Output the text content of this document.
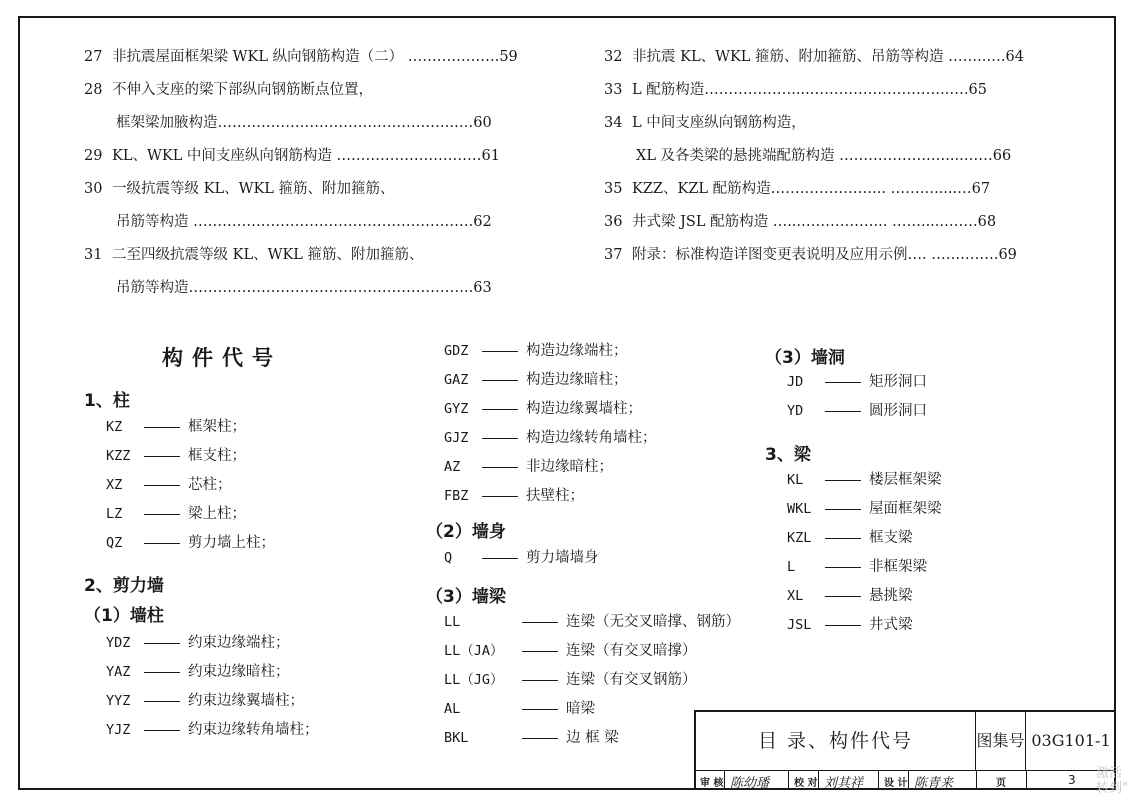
27 非抗震屋面框架梁 WKL 纵向钢筋构造（二） ……………….59
28 不伸入支座的梁下部纵向钢筋断点位置，
框架梁加腋构造…………………………………………..…60
29 KL、WKL 中间支座纵向钢筋构造 …………………………61
30 一级抗震等级 KL、WKL 箍筋、附加箍筋、
吊筋等构造 ………………………………………………….62
31 二至四级抗震等级 KL、WKL 箍筋、附加箍筋、
吊筋等构造…………………………………………………..63
32 非抗震 KL、WKL 箍筋、附加箍筋、吊筋等构造 ……..….64
33 L 配筋构造………………....………………………..….65
34 L 中间支座纵向钢筋构造，
XL 及各类梁的悬挑端配筋构造 ……………….…....……66
35 KZZ、KZL 配筋构造…………………... ……….....…67
36 井式梁 JSL 配筋构造 …...……………... …….....…….68
37 附录：标准构造详图变更表说明及应用示例…. …….…….69
构件代号
1、柱
KZ	框架柱；
KZZ	框支柱；
XZ	芯柱；
LZ	梁上柱；
QZ	剪力墙上柱；
2、剪力墙
（1）墙柱
YDZ	约束边缘端柱；
YAZ	约束边缘暗柱；
YYZ	约束边缘翼墙柱；
YJZ	约束边缘转角墙柱；
GDZ	构造边缘端柱；
GAZ	构造边缘暗柱；
GYZ	构造边缘翼墙柱；
GJZ	构造边缘转角墙柱；
AZ	非边缘暗柱；
FBZ	扶壁柱；
（2）墙身
Q	剪力墙墙身
（3）墙梁
LL	连梁（无交叉暗撑、钢筋）
LL（JA）	连梁（有交叉暗撑）
LL（JG）	连梁（有交叉钢筋）
AL	暗梁
BKL	边 框 梁
（3）墙洞
JD	矩形洞口
YD	圆形洞口
3、梁
KL	楼层框架梁
WKL	屋面框架梁
KZL	框支梁
L	非框架梁
XL	悬挑梁
JSL	井式梁
目 录、构件代号	图集号 03G101-1
审 核 陈幼璠 校 对 刘其祥 设 计 陈青来	页	3 激活
转到"
